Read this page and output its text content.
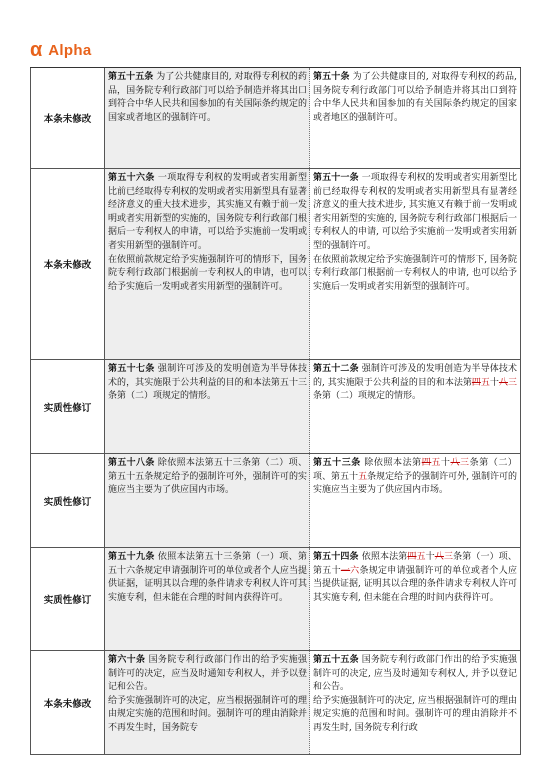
α Alpha
本条未修改
第五十五条 为了公共健康目的, 对取得专利权的药品，国务院专利行政部门可以给予制造并将其出口到符合中华人民共和国参加的有关国际条约规定的国家或者地区的强制许可。
第五十条 为了公共健康目的, 对取得专利权的药品, 国务院专利行政部门可以给予制造并将其出口到符合中华人民共和国参加的有关国际条约规定的国家或者地区的强制许可。
本条未修改
第五十六条 一项取得专利权的发明或者实用新型比前已经取得专利权的发明或者实用新型具有显著经济意义的重大技术进步，其实施又有赖于前一发明或者实用新型的实施的，国务院专利行政部门根据后一专利权人的申请，可以给予实施前一发明或者实用新型的强制许可。
在依照前款规定给予实施强制许可的情形下，国务院专利行政部门根据前一专利权人的申请，也可以给予实施后一发明或者实用新型的强制许可。
第五十一条 一项取得专利权的发明或者实用新型比前已经取得专利权的发明或者实用新型具有显著经济意义的重大技术进步, 其实施又有赖于前一发明或者实用新型的实施的, 国务院专利行政部门根据后一专利权人的申请, 可以给予实施前一发明或者实用新型的强制许可。
在依照前款规定给予实施强制许可的情形下, 国务院专利行政部门根据前一专利权人的申请, 也可以给予实施后一发明或者实用新型的强制许可。
实质性修订
第五十七条 强制许可涉及的发明创造为半导体技术的，其实施限于公共利益的目的和本法第五十三条第（二）项规定的情形。
第五十二条 强制许可涉及的发明创造为半导体技术的, 其实施限于公共利益的目的和本法第四五十八三条第（二）项规定的情形。
实质性修订
第五十八条 除依照本法第五十三条第（二）项、第五十五条规定给予的强制许可外，强制许可的实施应当主要为了供应国内市场。
第五十三条 除依照本法第四五十八三条第（二）项、第五十五条规定给予的强制许可外, 强制许可的实施应当主要为了供应国内市场。
实质性修订
第五十九条 依照本法第五十三条第（一）项、第五十六条规定申请强制许可的单位或者个人应当提供证据，证明其以合理的条件请求专利权人许可其实施专利，但未能在合理的时间内获得许可。
第五十四条 依照本法第四五十八三条第（一）项、第五十一六条规定申请强制许可的单位或者个人应当提供证据, 证明其以合理的条件请求专利权人许可其实施专利, 但未能在合理的时间内获得许可。
本条未修改
第六十条 国务院专利行政部门作出的给予实施强制许可的决定，应当及时通知专利权人，并予以登记和公告。
给予实施强制许可的决定，应当根据强制许可的理由规定实施的范围和时间。强制许可的理由消除并不再发生时，国务院专
第五十五条 国务院专利行政部门作出的给予实施强制许可的决定, 应当及时通知专利权人, 并予以登记和公告。
给予实施强制许可的决定, 应当根据强制许可的理由规定实施的范围和时间。强制许可的理由消除并不再发生时, 国务院专利行政
